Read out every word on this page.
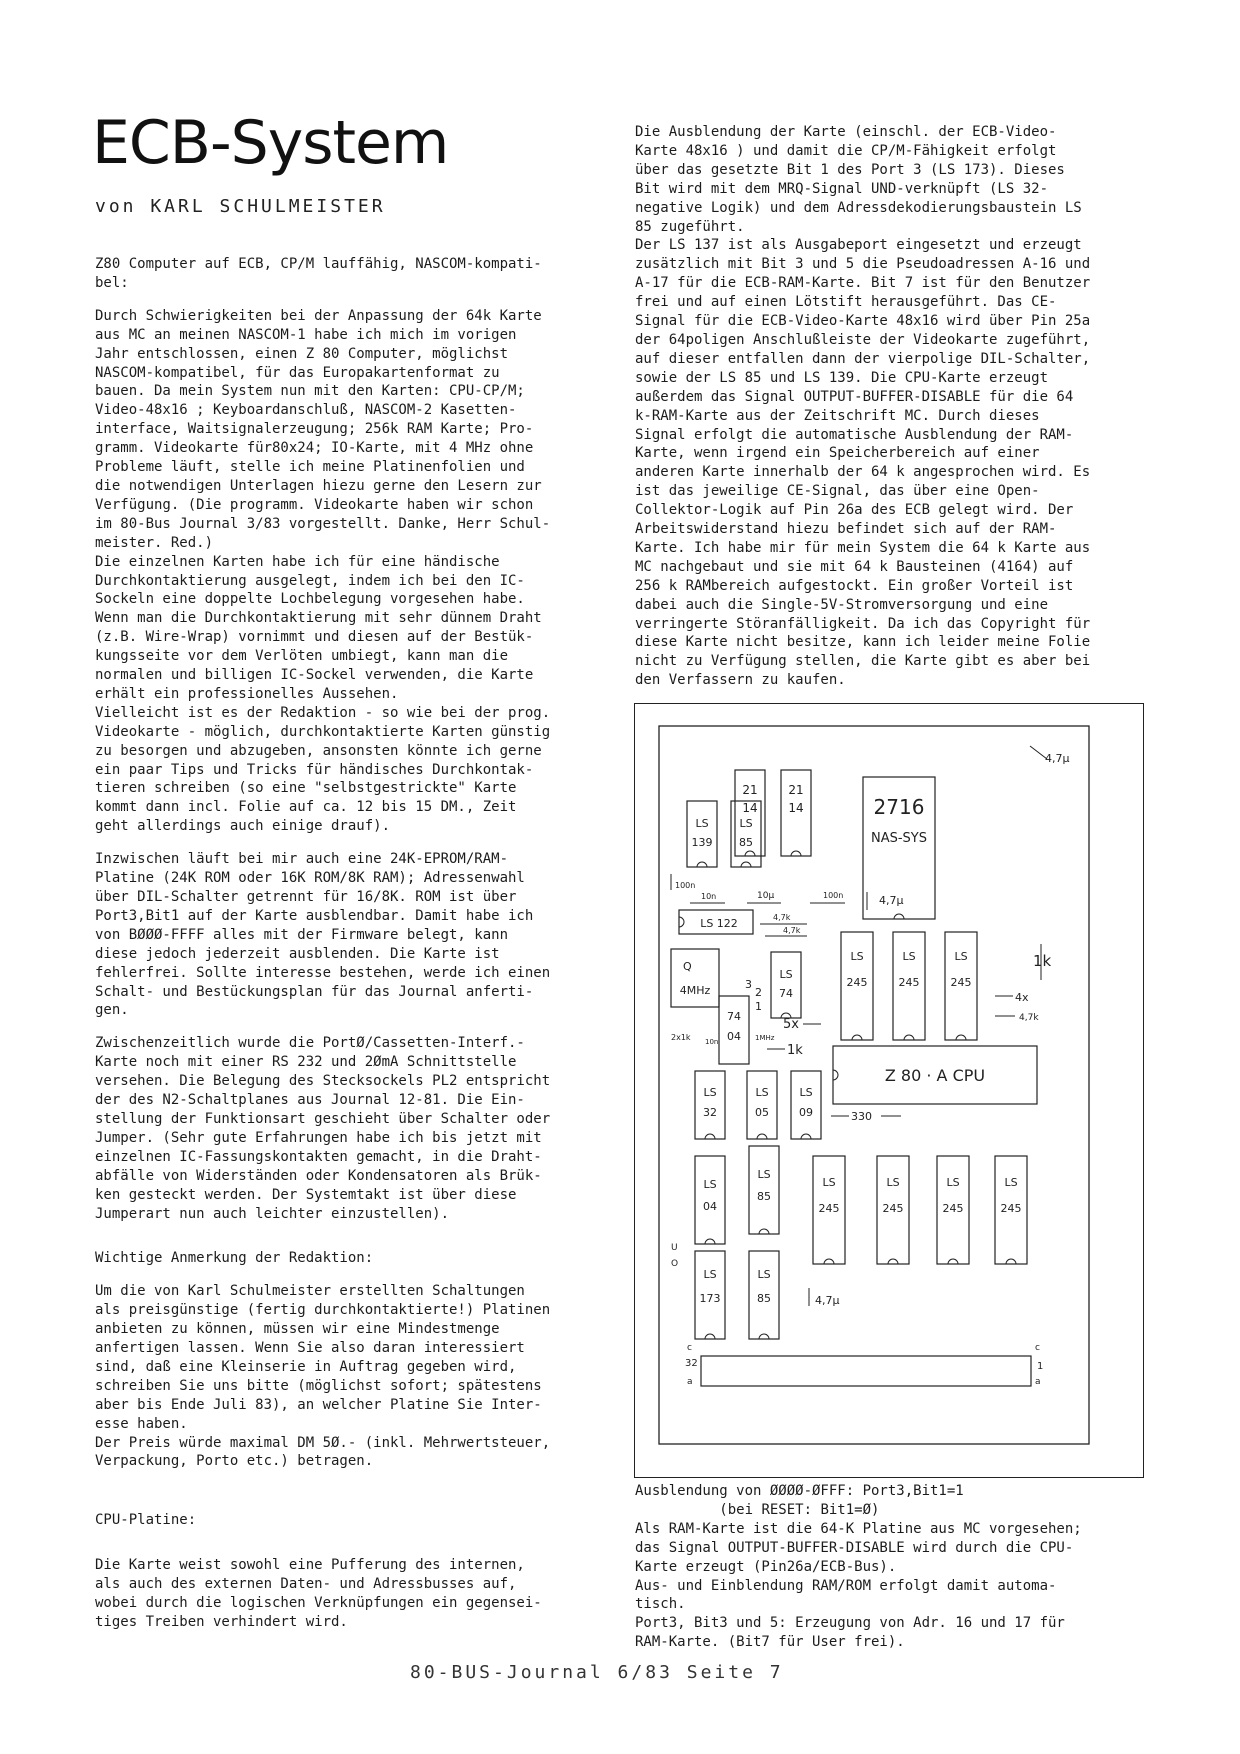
ECB-System
von KARL SCHULMEISTER

Z80 Computer auf ECB, CP/M lauffähig, NASCOM-kompati-
bel:

Durch Schwierigkeiten bei der Anpassung der 64k Karte
aus MC an meinen NASCOM-1 habe ich mich im vorigen
Jahr entschlossen, einen Z 80 Computer, möglichst
NASCOM-kompatibel, für das Europakartenformat zu
bauen. Da mein System nun mit den Karten: CPU-CP/M;
Video-48x16 ; Keyboardanschluß, NASCOM-2 Kasetten-
interface, Waitsignalerzeugung; 256k RAM Karte; Pro-
gramm. Videokarte für80x24; IO-Karte, mit 4 MHz ohne
Probleme läuft, stelle ich meine Platinenfolien und
die notwendigen Unterlagen hiezu gerne den Lesern zur
Verfügung. (Die programm. Videokarte haben wir schon
im 80-Bus Journal 3/83 vorgestellt. Danke, Herr Schul-
meister. Red.)
Die einzelnen Karten habe ich für eine händische
Durchkontaktierung ausgelegt, indem ich bei den IC-
Sockeln eine doppelte Lochbelegung vorgesehen habe.
Wenn man die Durchkontaktierung mit sehr dünnem Draht
(z.B. Wire-Wrap) vornimmt und diesen auf der Bestük-
kungsseite vor dem Verlöten umbiegt, kann man die
normalen und billigen IC-Sockel verwenden, die Karte
erhält ein professionelles Aussehen.
Vielleicht ist es der Redaktion - so wie bei der prog.
Videokarte - möglich, durchkontaktierte Karten günstig
zu besorgen und abzugeben, ansonsten könnte ich gerne
ein paar Tips und Tricks für händisches Durchkontak-
tieren schreiben (so eine "selbstgestrickte" Karte
kommt dann incl. Folie auf ca. 12 bis 15 DM., Zeit
geht allerdings auch einige drauf).

Inzwischen läuft bei mir auch eine 24K-EPROM/RAM-
Platine (24K ROM oder 16K ROM/8K RAM); Adressenwahl
über DIL-Schalter getrennt für 16/8K. ROM ist über
Port3,Bit1 auf der Karte ausblendbar. Damit habe ich
von BØØØ-FFFF alles mit der Firmware belegt, kann
diese jedoch jederzeit ausblenden. Die Karte ist
fehlerfrei. Sollte interesse bestehen, werde ich einen
Schalt- und Bestückungsplan für das Journal anferti-
gen.

Zwischenzeitlich wurde die PortØ/Cassetten-Interf.-
Karte noch mit einer RS 232 und 2ØmA Schnittstelle
versehen. Die Belegung des Stecksockels PL2 entspricht
der des N2-Schaltplanes aus Journal 12-81. Die Ein-
stellung der Funktionsart geschieht über Schalter oder
Jumper. (Sehr gute Erfahrungen habe ich bis jetzt mit
einzelnen IC-Fassungskontakten gemacht, in die Draht-
abfälle von Widerständen oder Kondensatoren als Brük-
ken gesteckt werden. Der Systemtakt ist über diese
Jumperart nun auch leichter einzustellen).

Wichtige Anmerkung der Redaktion:

Um die von Karl Schulmeister erstellten Schaltungen
als preisgünstige (fertig durchkontaktierte!) Platinen
anbieten zu können, müssen wir eine Mindestmenge
anfertigen lassen. Wenn Sie also daran interessiert
sind, daß eine Kleinserie in Auftrag gegeben wird,
schreiben Sie uns bitte (möglichst sofort; spätestens
aber bis Ende Juli 83), an welcher Platine Sie Inter-
esse haben.
Der Preis würde maximal DM 5Ø.- (inkl. Mehrwertsteuer,
Verpackung, Porto etc.) betragen.

CPU-Platine:

Die Karte weist sowohl eine Pufferung des internen,
als auch des externen Daten- und Adressbusses auf,
wobei durch die logischen Verknüpfungen ein gegensei-
tiges Treiben verhindert wird.

Die Ausblendung der Karte (einschl. der ECB-Video-
Karte 48x16 ) und damit die CP/M-Fähigkeit erfolgt
über das gesetzte Bit 1 des Port 3 (LS 173). Dieses
Bit wird mit dem MRQ-Signal UND-verknüpft (LS 32-
negative Logik) und dem Adressdekodierungsbaustein LS
85 zugeführt.
Der LS 137 ist als Ausgabeport eingesetzt und erzeugt
zusätzlich mit Bit 3 und 5 die Pseudoadressen A-16 und
A-17 für die ECB-RAM-Karte. Bit 7 ist für den Benutzer
frei und auf einen Lötstift herausgeführt. Das CE-
Signal für die ECB-Video-Karte 48x16 wird über Pin 25a
der 64poligen Anschlußleiste der Videokarte zugeführt,
auf dieser entfallen dann der vierpolige DIL-Schalter,
sowie der LS 85 und LS 139. Die CPU-Karte erzeugt
außerdem das Signal OUTPUT-BUFFER-DISABLE für die 64
k-RAM-Karte aus der Zeitschrift MC. Durch dieses
Signal erfolgt die automatische Ausblendung der RAM-
Karte, wenn irgend ein Speicherbereich auf einer
anderen Karte innerhalb der 64 k angesprochen wird. Es
ist das jeweilige CE-Signal, das über eine Open-
Collektor-Logik auf Pin 26a des ECB gelegt wird. Der
Arbeitswiderstand hiezu befindet sich auf der RAM-
Karte. Ich habe mir für mein System die 64 k Karte aus
MC nachgebaut und sie mit 64 k Bausteinen (4164) auf
256 k RAMbereich aufgestockt. Ein großer Vorteil ist
dabei auch die Single-5V-Stromversorgung und eine
verringerte Störanfälligkeit. Da ich das Copyright für
diese Karte nicht besitze, kann ich leider meine Folie
nicht zu Verfügung stellen, die Karte gibt es aber bei
den Verfassern zu kaufen.

21
14
21
14	2716
NAS-SYS
4,7µ
LS
139
LS
85
100n
10n	10µ	100n	4,7µ
LS 122	4,7k
4,7k
Q
4MHz
LS
74
LS
245
LS
245
LS
245
1k
4x
4,7k
74
04
3
2
1
5x
1k
2x1k 10n	1MHz
Z 80 · A CPU
330
LS
32
LS
05
LS
09
LS
04
LS
85
LS
245
LS
245
LS
245
LS
245
U
O
LS
173
LS
85	4,7µ
c
32
a
c
1
a

Ausblendung von ØØØØ-ØFFF: Port3,Bit1=1

(bei RESET: Bit1=Ø)

Als RAM-Karte ist die 64-K Platine aus MC vorgesehen;
das Signal OUTPUT-BUFFER-DISABLE wird durch die CPU-
Karte erzeugt (Pin26a/ECB-Bus).
Aus- und Einblendung RAM/ROM erfolgt damit automa-
tisch.
Port3, Bit3 und 5: Erzeugung von Adr. 16 und 17 für
RAM-Karte. (Bit7 für User frei).

80-BUS-Journal 6/83 Seite 7
